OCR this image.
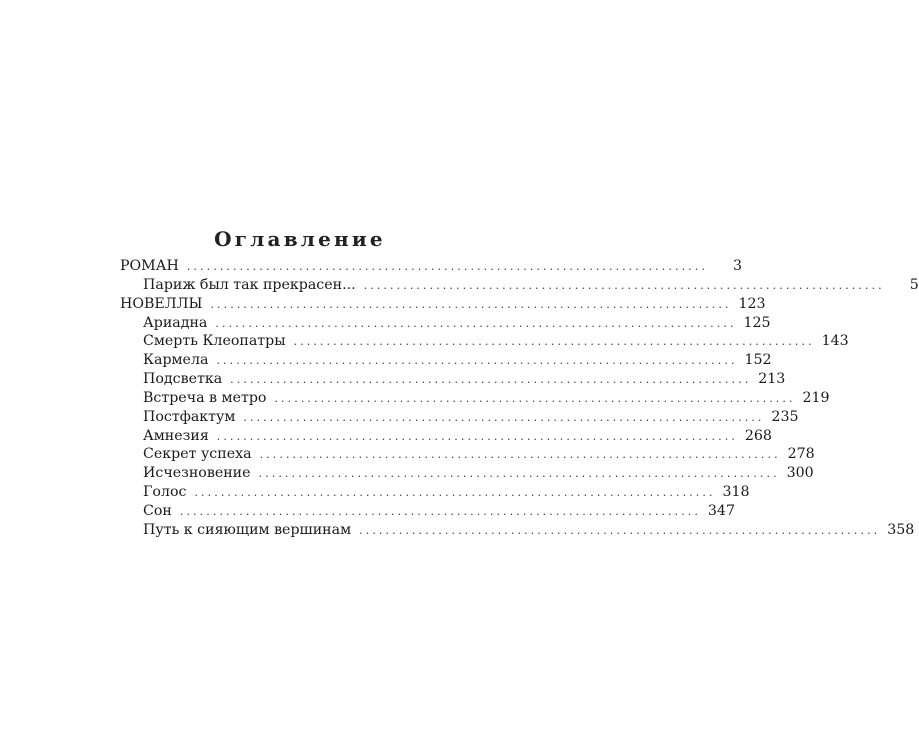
Оглавление
РОМАН ...............................................................................	3
Париж был так прекрасен... ...............................................................................	5
НОВЕЛЛЫ ............................................................................... 123
Ариадна ............................................................................... 125
Смерть Клеопатры ............................................................................... 143
Кармела ............................................................................... 152
Подсветка ............................................................................... 213
Встреча в метро ............................................................................... 219
Постфактум ............................................................................... 235
Амнезия ............................................................................... 268
Секрет успеха ............................................................................... 278
Исчезновение ............................................................................... 300
Голос ............................................................................... 318
Сон ............................................................................... 347
Путь к сияющим вершинам ............................................................................... 358
